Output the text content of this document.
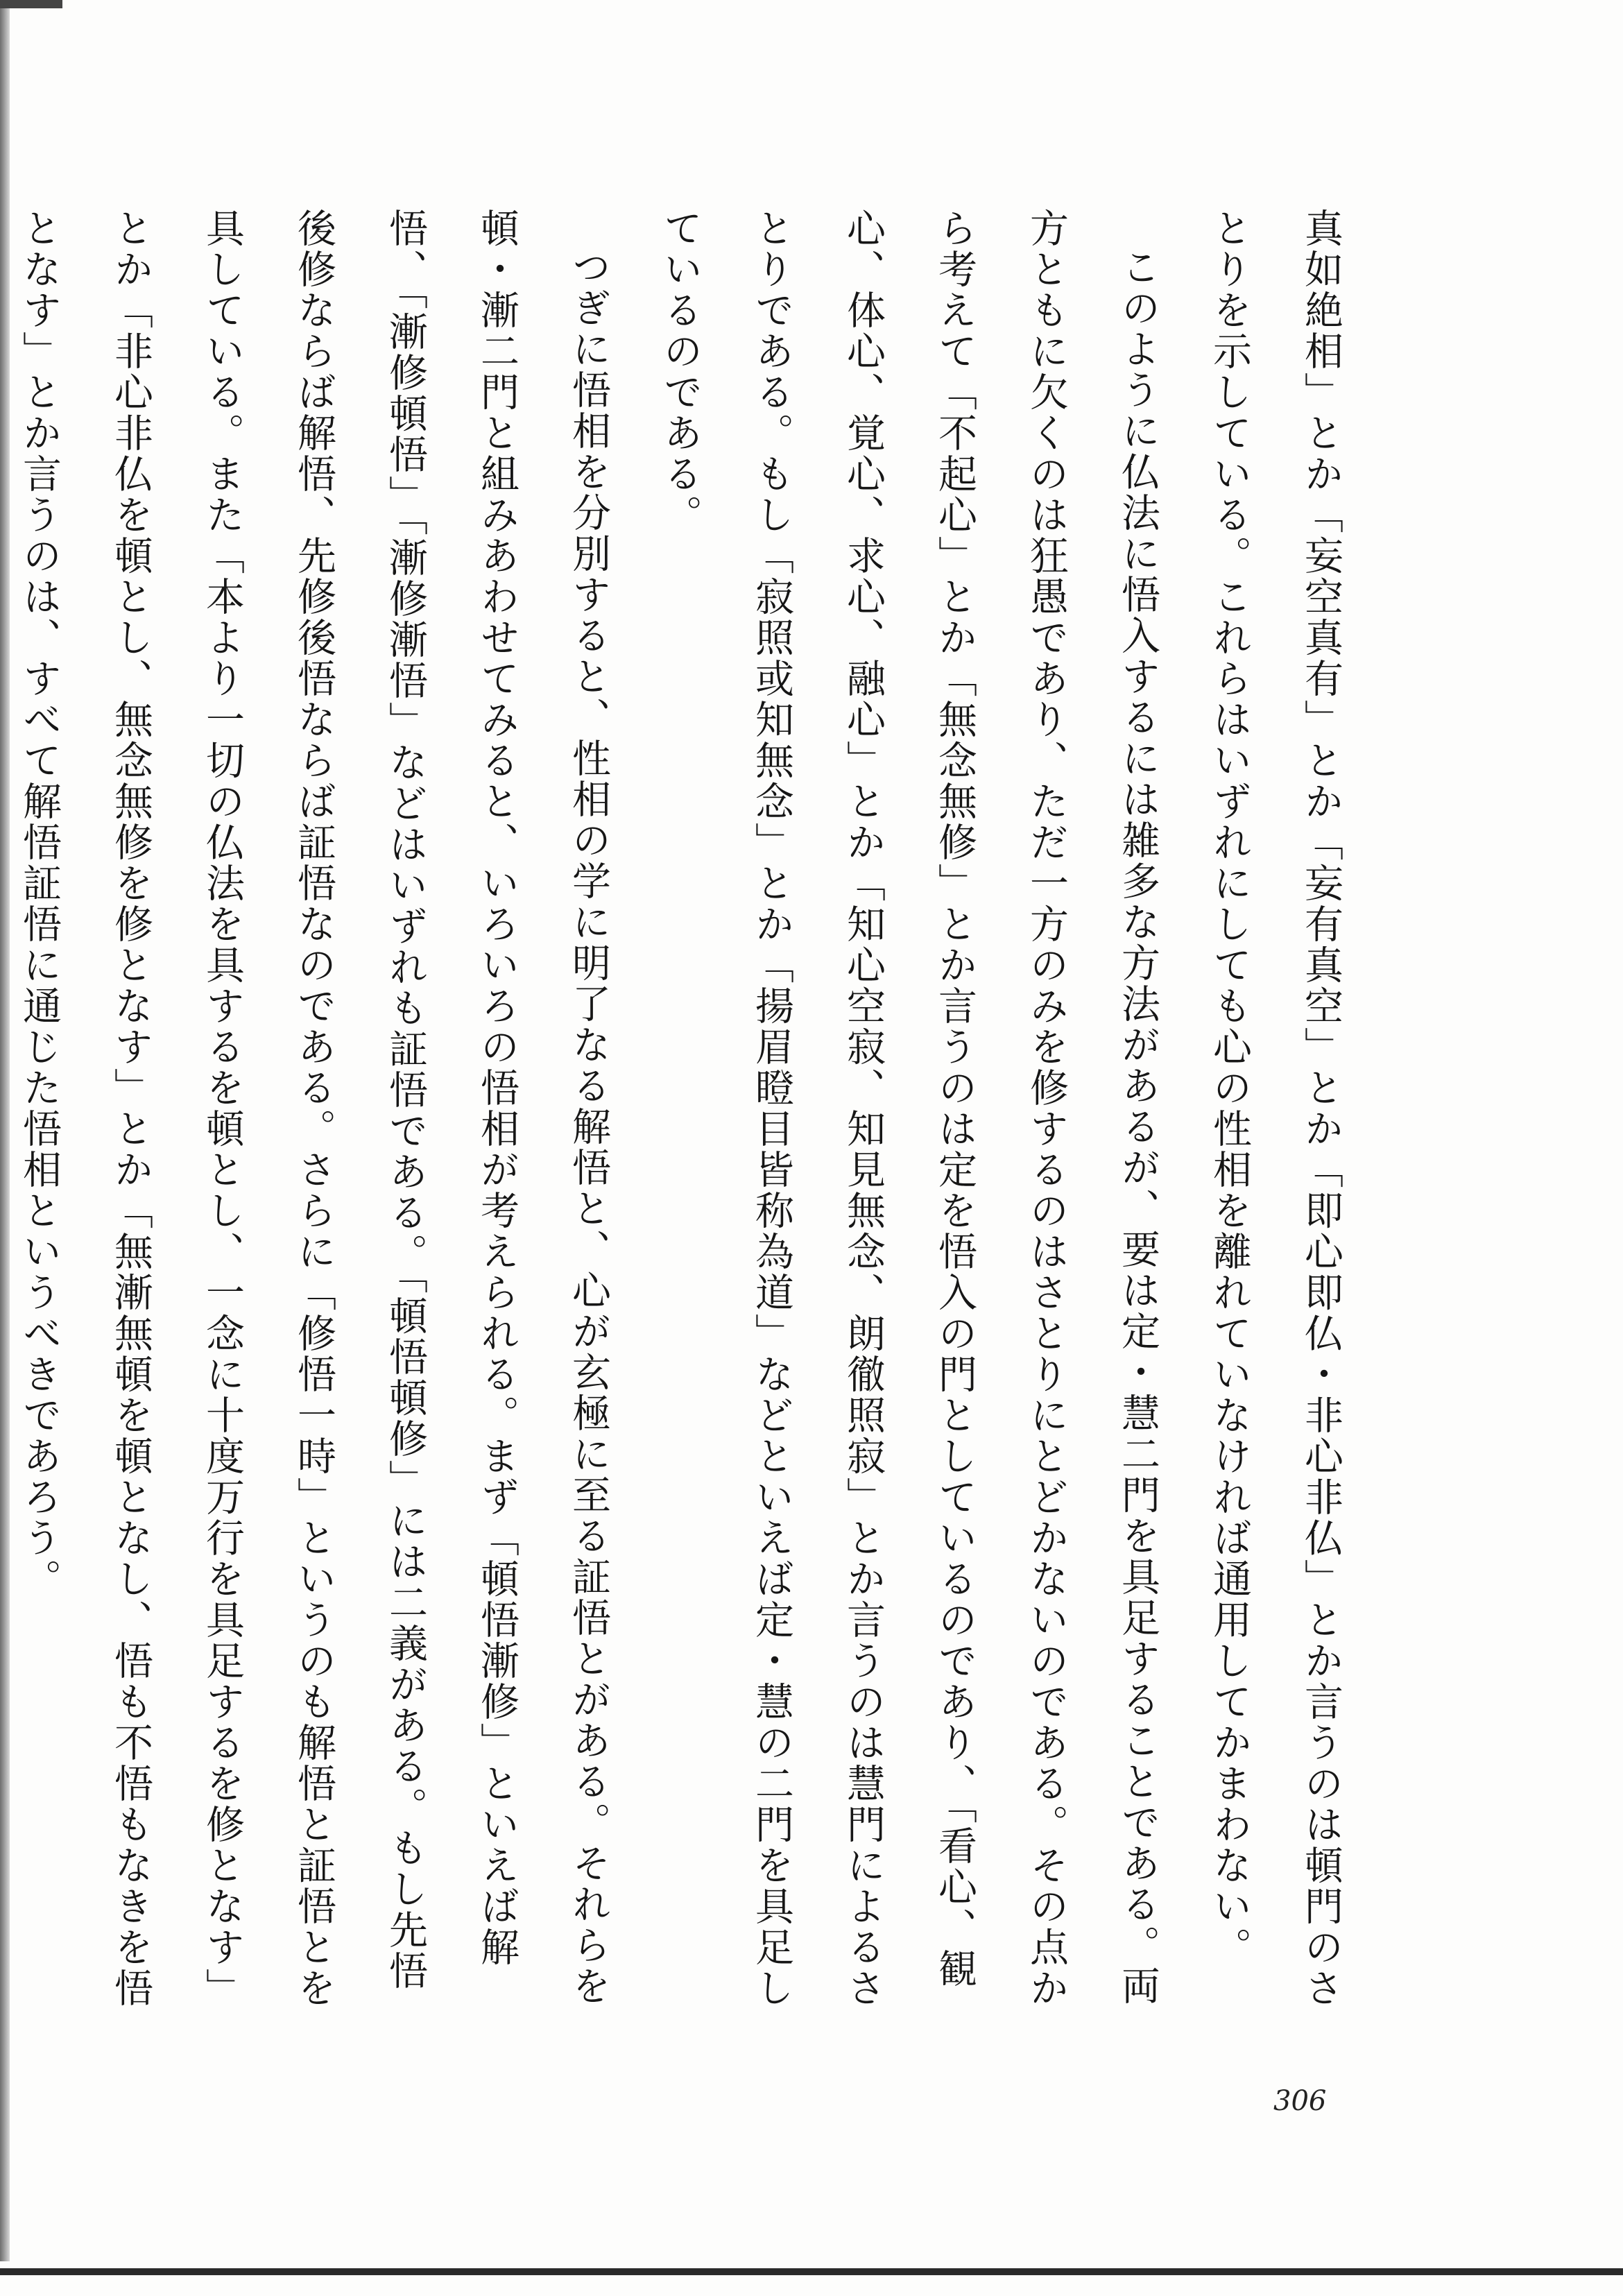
真如絶相」とか「妄空真有」とか「妄有真空」とか「即心即仏・非心非仏」とか言うのは頓門のさとりを示している。これらはいずれにしても心の性相を離れていなければ通用してかまわない。

このように仏法に悟入するには雑多な方法があるが、要は定・慧二門を具足することである。両方ともに欠くのは狂愚であり、ただ一方のみを修するのはさとりにとどかないのである。その点から考えて「不起心」とか「無念無修」とか言うのは定を悟入の門としているのであり、「看心、観心、体心、覚心、求心、融心」とか「知心空寂、知見無念、朗徹照寂」とか言うのは慧門によるさとりである。もし「寂照或知無念」とか「揚眉瞪目皆称為道」などといえば定・慧の二門を具足しているのである。

つぎに悟相を分別すると、性相の学に明了なる解悟と、心が玄極に至る証悟とがある。それらを頓・漸二門と組みあわせてみると、いろいろの悟相が考えられる。まず「頓悟漸修」といえば解悟、「漸修頓悟」「漸修漸悟」などはいずれも証悟である。「頓悟頓修」には二義がある。もし先悟後修ならば解悟、先修後悟ならば証悟なのである。さらに「修悟一時」というのも解悟と証悟とを具している。また「本より一切の仏法を具するを頓とし、一念に十度万行を具足するを修となす」とか「非心非仏を頓とし、無念無修を修となす」とか「無漸無頓を頓となし、悟も不悟もなきを悟となす」とか言うのは、すべて解悟証悟に通じた悟相というべきであろう。

306
